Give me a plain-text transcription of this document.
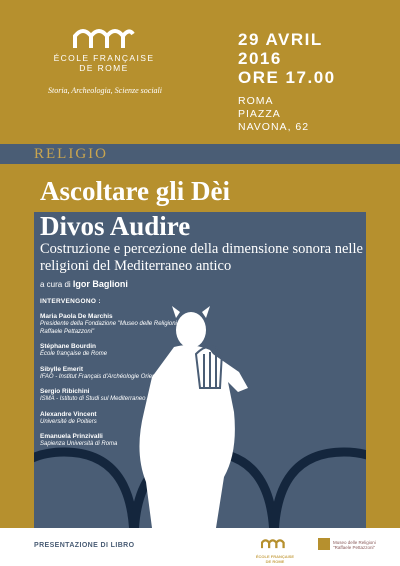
ÉCOLE FRANÇAISE
DE ROME
Storia, Archeologia, Scienze sociali
29 AVRIL
2016
ORE 17.00
ROMA
PIAZZA
NAVONA, 62
RELIGIO
Ascoltare gli Dèi
Divos Audire
Costruzione e percezione della dimensione sonora nelle religioni del Mediterraneo antico
a cura di Igor Baglioni
INTERVENGONO :
Maria Paola De Marchis
Presidente della Fondazione "Museo delle Religioni Raffaele Pettazzoni"
Stéphane Bourdin
École française de Rome
Sibylle Emerit
IFAO - Institut Français d'Archéologie Orientale
Sergio Ribichini
ISMA - Istituto di Studi sul Mediterraneo Antico
Alexandre Vincent
Université de Poitiers
Emanuela Prinzivalli
Sapienza Università di Roma
PRESENTAZIONE DI LIBRO
ÉCOLE FRANÇAISE
DE ROME
Museo delle Religioni
"Raffaele Pettazzoni"
